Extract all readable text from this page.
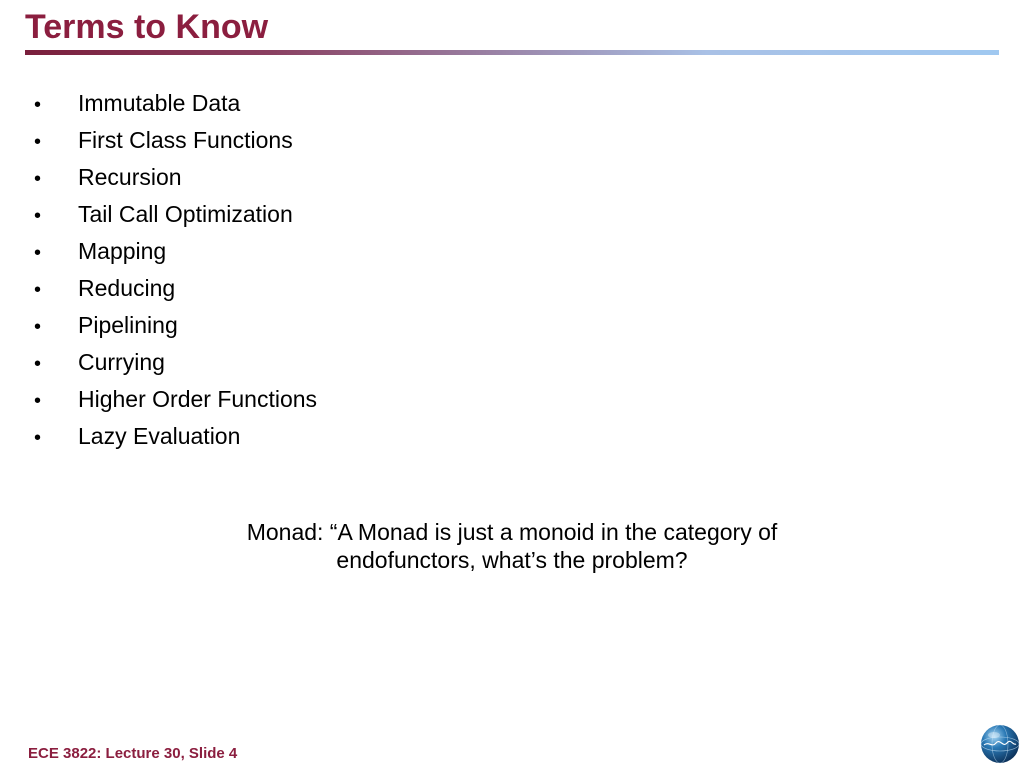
Terms to Know
•	Immutable Data
•	First Class Functions
•	Recursion
•	Tail Call Optimization
•	Mapping
•	Reducing
•	Pipelining
•	Currying
•	Higher Order Functions
•	Lazy Evaluation
Monad: “A Monad is just a monoid in the category of
endofunctors, what’s the problem?
ECE 3822: Lecture 30, Slide 4
